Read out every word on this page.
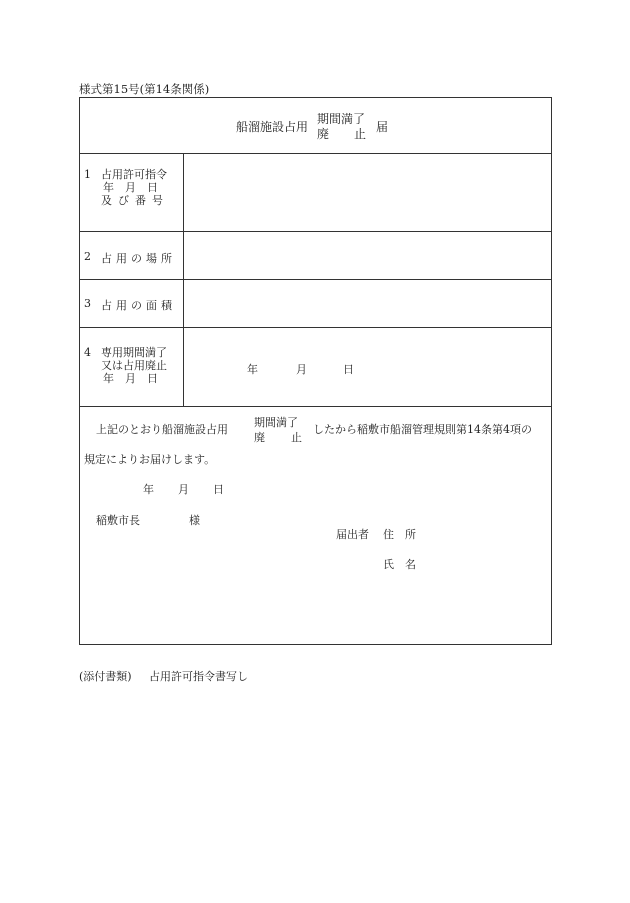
様式第15号(第14条関係)
船溜施設占用
期間満了
廃 止 届
1 占用許可指令
年　月　日
及び番号
2 占用の場所
3 占用の面積
4 専用期間満了
又は占用廃止
年　月　日
年	月	日
上記のとおり船溜施設占用
期間満了
廃 止
したから稲敷市船溜管理規則第14条第4項の
規定によりお届けします。
年 月 日
稲敷市長	様
届出者 住　所
氏　名
(添付書類) 占用許可指令書写し
